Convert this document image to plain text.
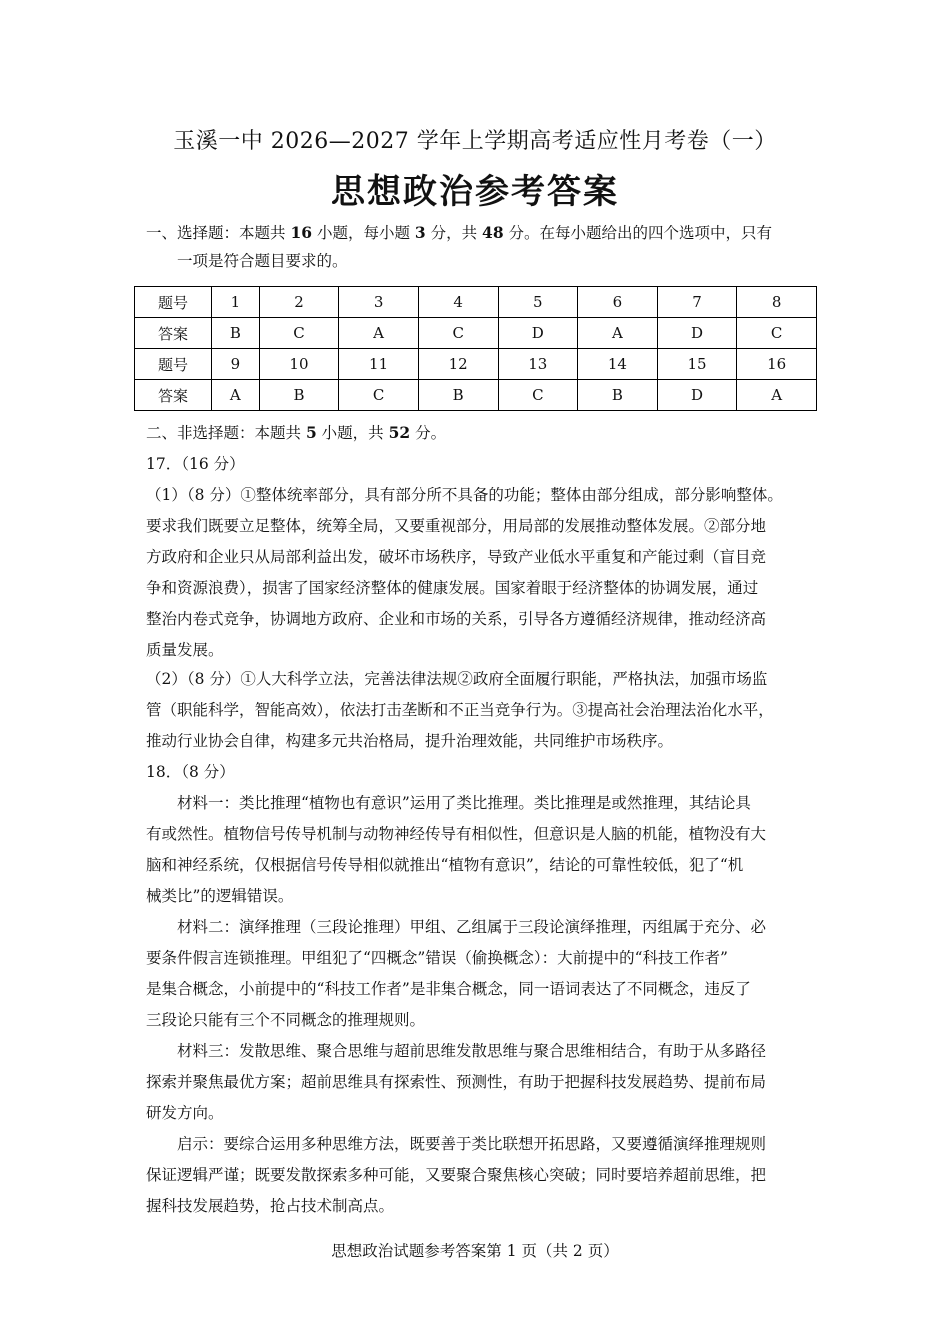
玉溪一中 2026—2027 学年上学期高考适应性月考卷（一）
思想政治参考答案
一、选择题：本题共 16 小题，每小题 3 分，共 48 分。在每小题给出的四个选项中，只有
一项是符合题目要求的。
题号	1	2	3	4	5	6	7	8
答案	B	C	A	C	D	A	D	C
题号	9	10	11	12	13	14	15	16
答案	A	B	C	B	C	B	D	A
二、非选择题：本题共 5 小题，共 52 分。

17．（16 分）

（1）（8 分）①整体统率部分，具有部分所不具备的功能；整体由部分组成，部分影响整体。

要求我们既要立足整体，统筹全局，又要重视部分，用局部的发展推动整体发展。②部分地

方政府和企业只从局部利益出发，破坏市场秩序，导致产业低水平重复和产能过剩（盲目竞

争和资源浪费），损害了国家经济整体的健康发展。国家着眼于经济整体的协调发展，通过

整治内卷式竞争，协调地方政府、企业和市场的关系，引导各方遵循经济规律，推动经济高

质量发展。

（2）（8 分）①人大科学立法，完善法律法规②政府全面履行职能，严格执法，加强市场监

管（职能科学，智能高效），依法打击垄断和不正当竞争行为。③提高社会治理法治化水平，

推动行业协会自律，构建多元共治格局，提升治理效能，共同维护市场秩序。

18．（8 分）

材料一：类比推理“植物也有意识”运用了类比推理。类比推理是或然推理，其结论具

有或然性。植物信号传导机制与动物神经传导有相似性，但意识是人脑的机能，植物没有大

脑和神经系统，仅根据信号传导相似就推出“植物有意识”，结论的可靠性较低，犯了“机

械类比”的逻辑错误。

材料二：演绎推理（三段论推理）甲组、乙组属于三段论演绎推理，丙组属于充分、必

要条件假言连锁推理。甲组犯了“四概念”错误（偷换概念）：大前提中的“科技工作者”

是集合概念，小前提中的“科技工作者”是非集合概念，同一语词表达了不同概念，违反了

三段论只能有三个不同概念的推理规则。

材料三：发散思维、聚合思维与超前思维发散思维与聚合思维相结合，有助于从多路径

探索并聚焦最优方案；超前思维具有探索性、预测性，有助于把握科技发展趋势、提前布局

研发方向。

启示：要综合运用多种思维方法，既要善于类比联想开拓思路，又要遵循演绎推理规则

保证逻辑严谨；既要发散探索多种可能，又要聚合聚焦核心突破；同时要培养超前思维，把

握科技发展趋势，抢占技术制高点。

思想政治试题参考答案第 1 页（共 2 页）
